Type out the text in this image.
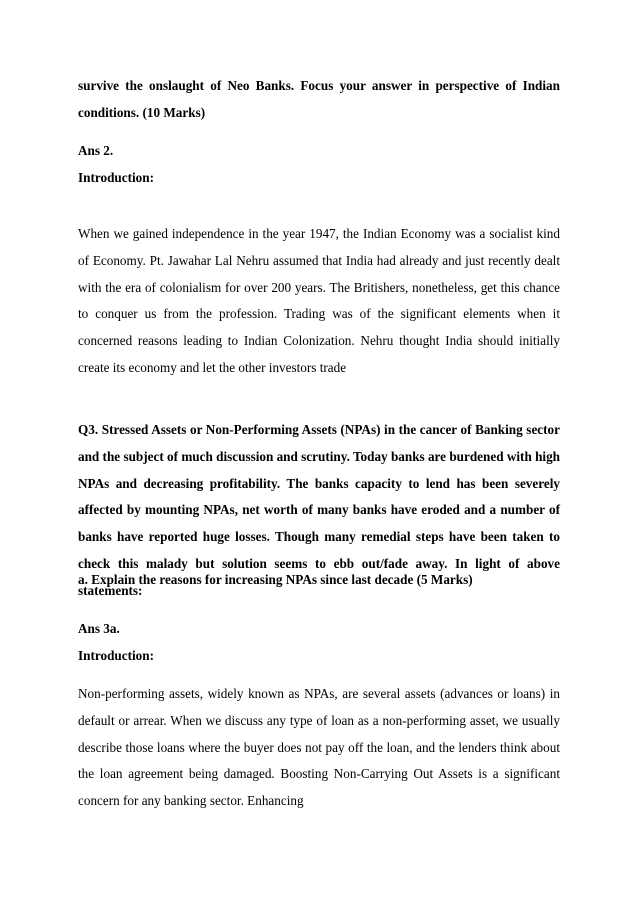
survive the onslaught of Neo Banks. Focus your answer in perspective of Indian conditions. (10 Marks)

Ans 2.

Introduction:

When we gained independence in the year 1947, the Indian Economy was a socialist kind of Economy. Pt. Jawahar Lal Nehru assumed that India had already and just recently dealt with the era of colonialism for over 200 years. The Britishers, nonetheless, get this chance to conquer us from the profession. Trading was of the significant elements when it concerned reasons leading to Indian Colonization. Nehru thought India should initially create its economy and let the other investors trade

Q3. Stressed Assets or Non-Performing Assets (NPAs) in the cancer of Banking sector and the subject of much discussion and scrutiny. Today banks are burdened with high NPAs and decreasing profitability. The banks capacity to lend has been severely affected by mounting NPAs, net worth of many banks have eroded and a number of banks have reported huge losses. Though many remedial steps have been taken to check this malady but solution seems to ebb out/fade away. In light of above statements:

a. Explain the reasons for increasing NPAs since last decade (5 Marks)

Ans 3a.

Introduction:

Non-performing assets, widely known as NPAs, are several assets (advances or loans) in default or arrear. When we discuss any type of loan as a non-performing asset, we usually describe those loans where the buyer does not pay off the loan, and the lenders think about the loan agreement being damaged. Boosting Non-Carrying Out Assets is a significant concern for any banking sector. Enhancing
